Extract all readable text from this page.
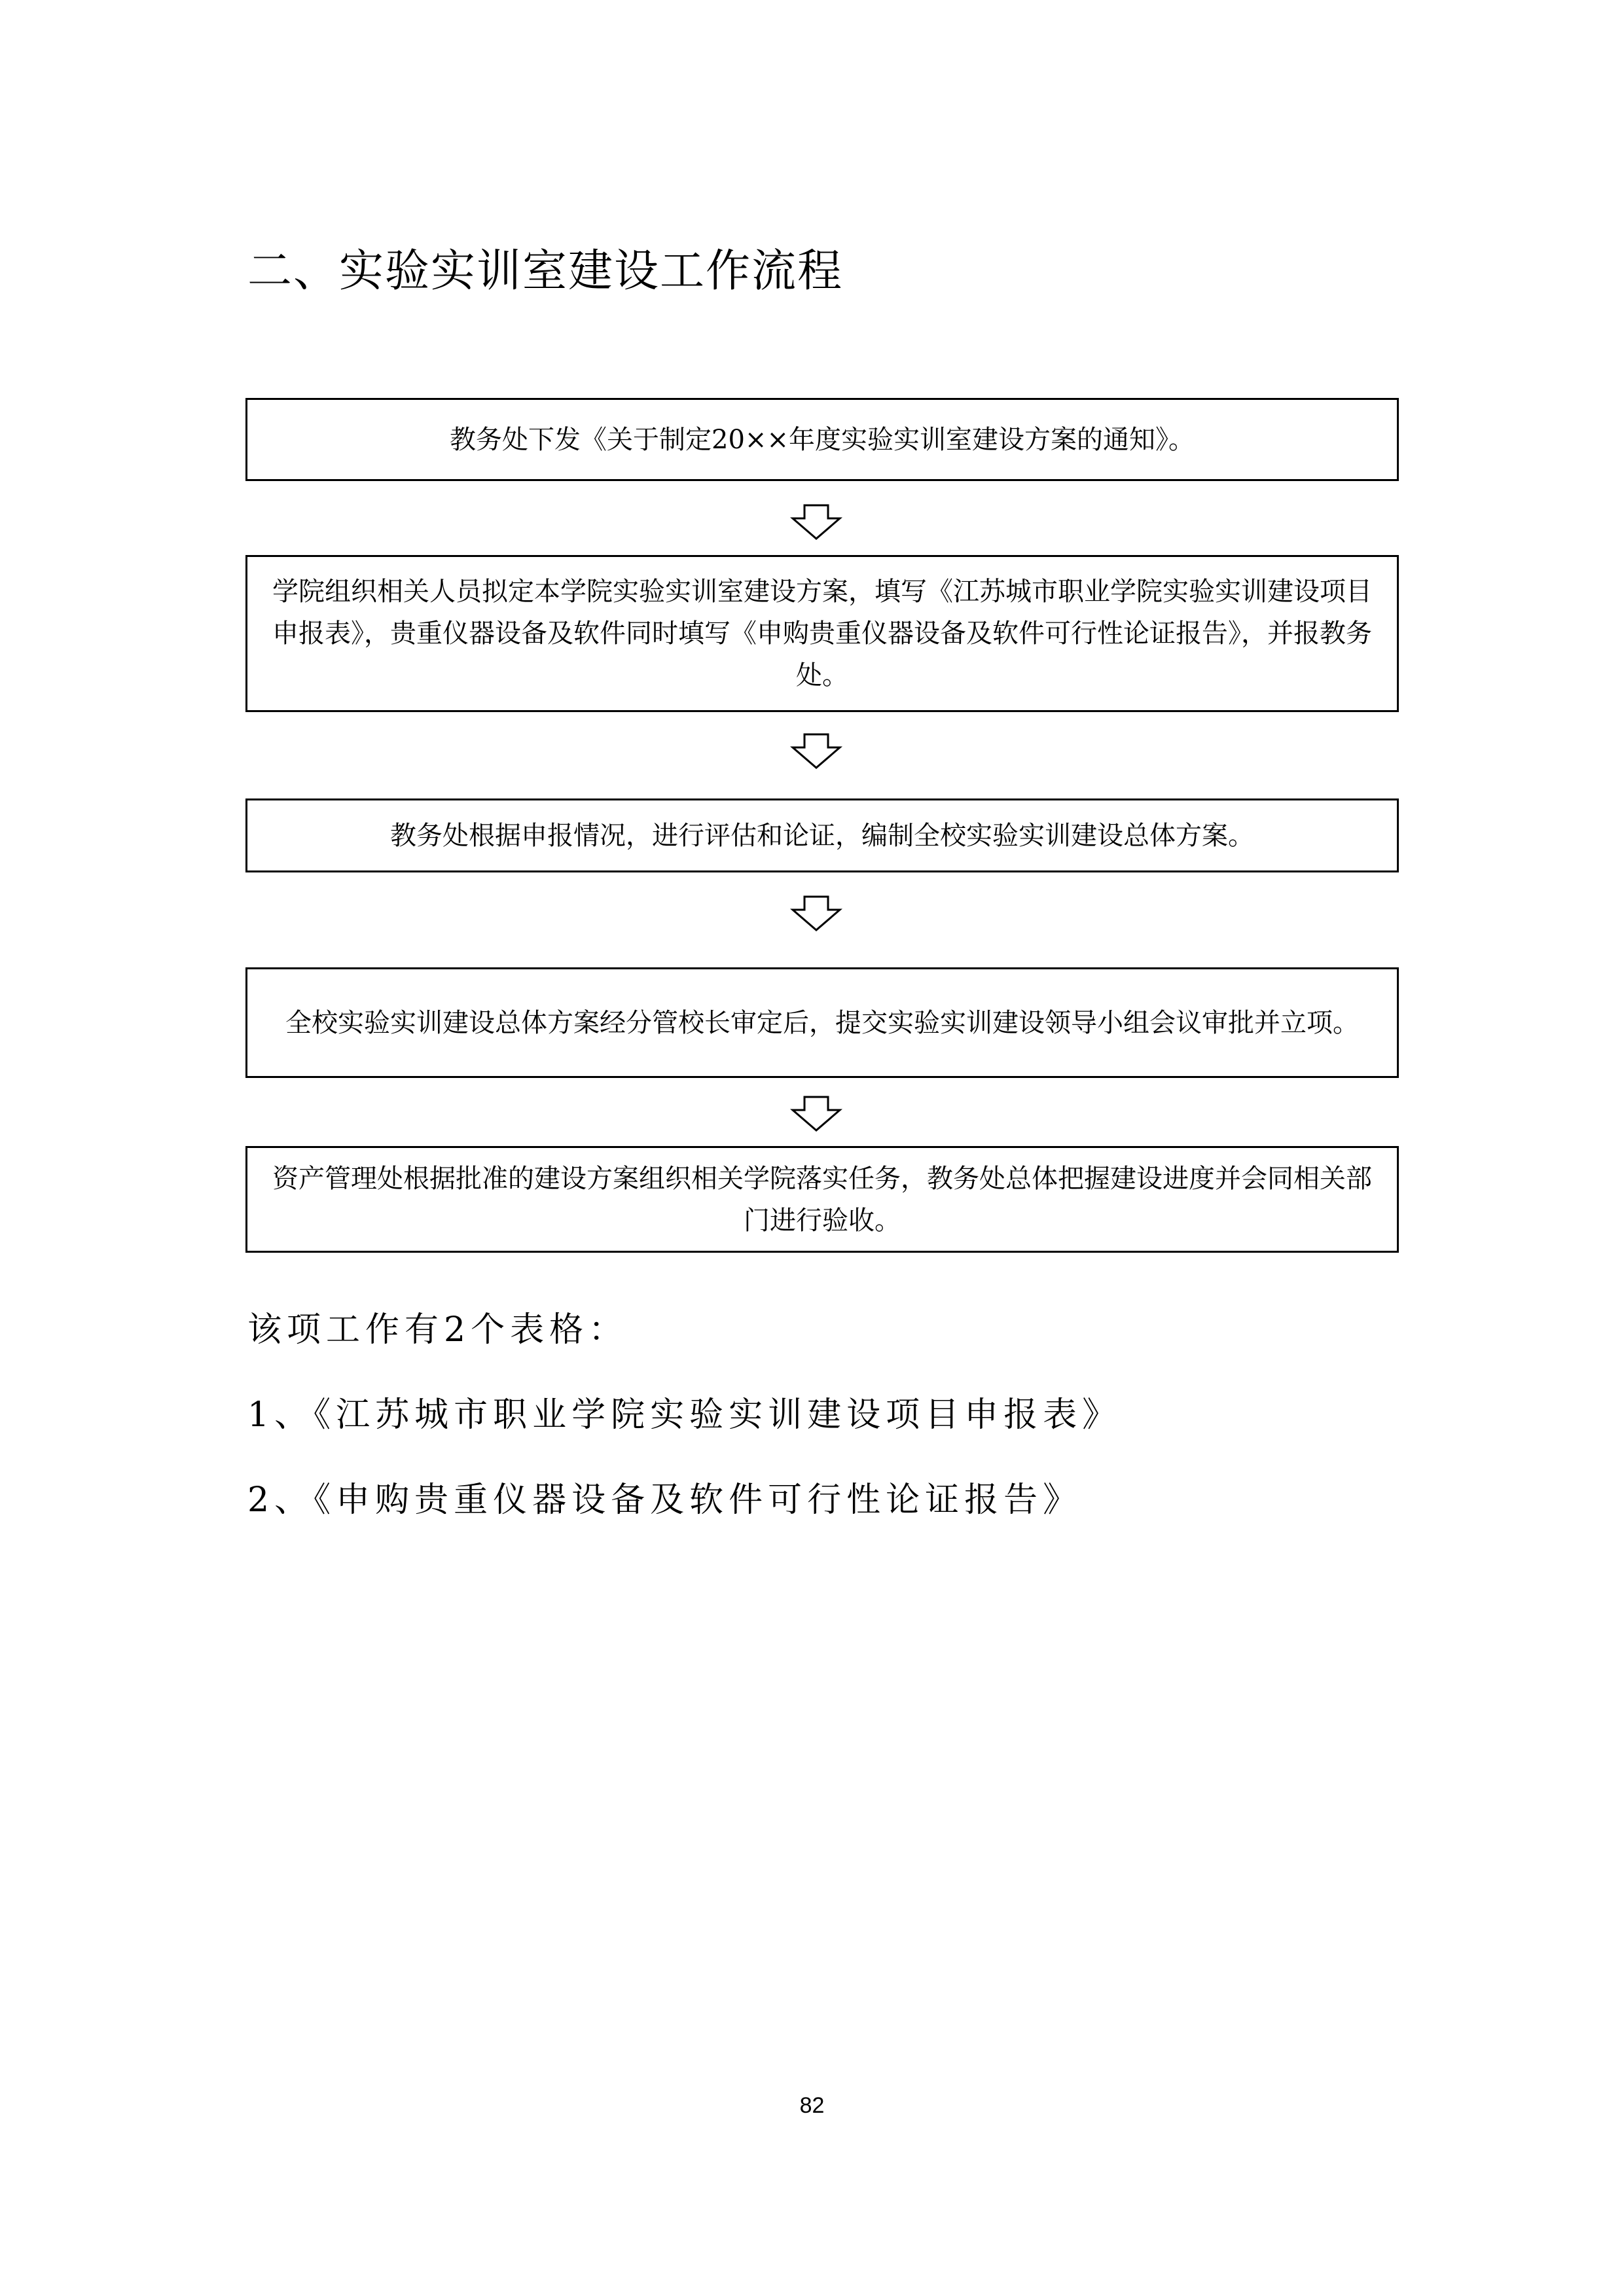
二、实验实训室建设工作流程
教务处下发《关于制定20××年度实验实训室建设方案的通知》。
学院组织相关人员拟定本学院实验实训室建设方案，填写《江苏城市职业学院实验实训建设项目申报表》，贵重仪器设备及软件同时填写《申购贵重仪器设备及软件可行性论证报告》，并报教务处。
教务处根据申报情况，进行评估和论证，编制全校实验实训建设总体方案。
全校实验实训建设总体方案经分管校长审定后，提交实验实训建设领导小组会议审批并立项。
资产管理处根据批准的建设方案组织相关学院落实任务，教务处总体把握建设进度并会同相关部门进行验收。
该项工作有2个表格：
1、《江苏城市职业学院实验实训建设项目申报表》
2、《申购贵重仪器设备及软件可行性论证报告》
82
